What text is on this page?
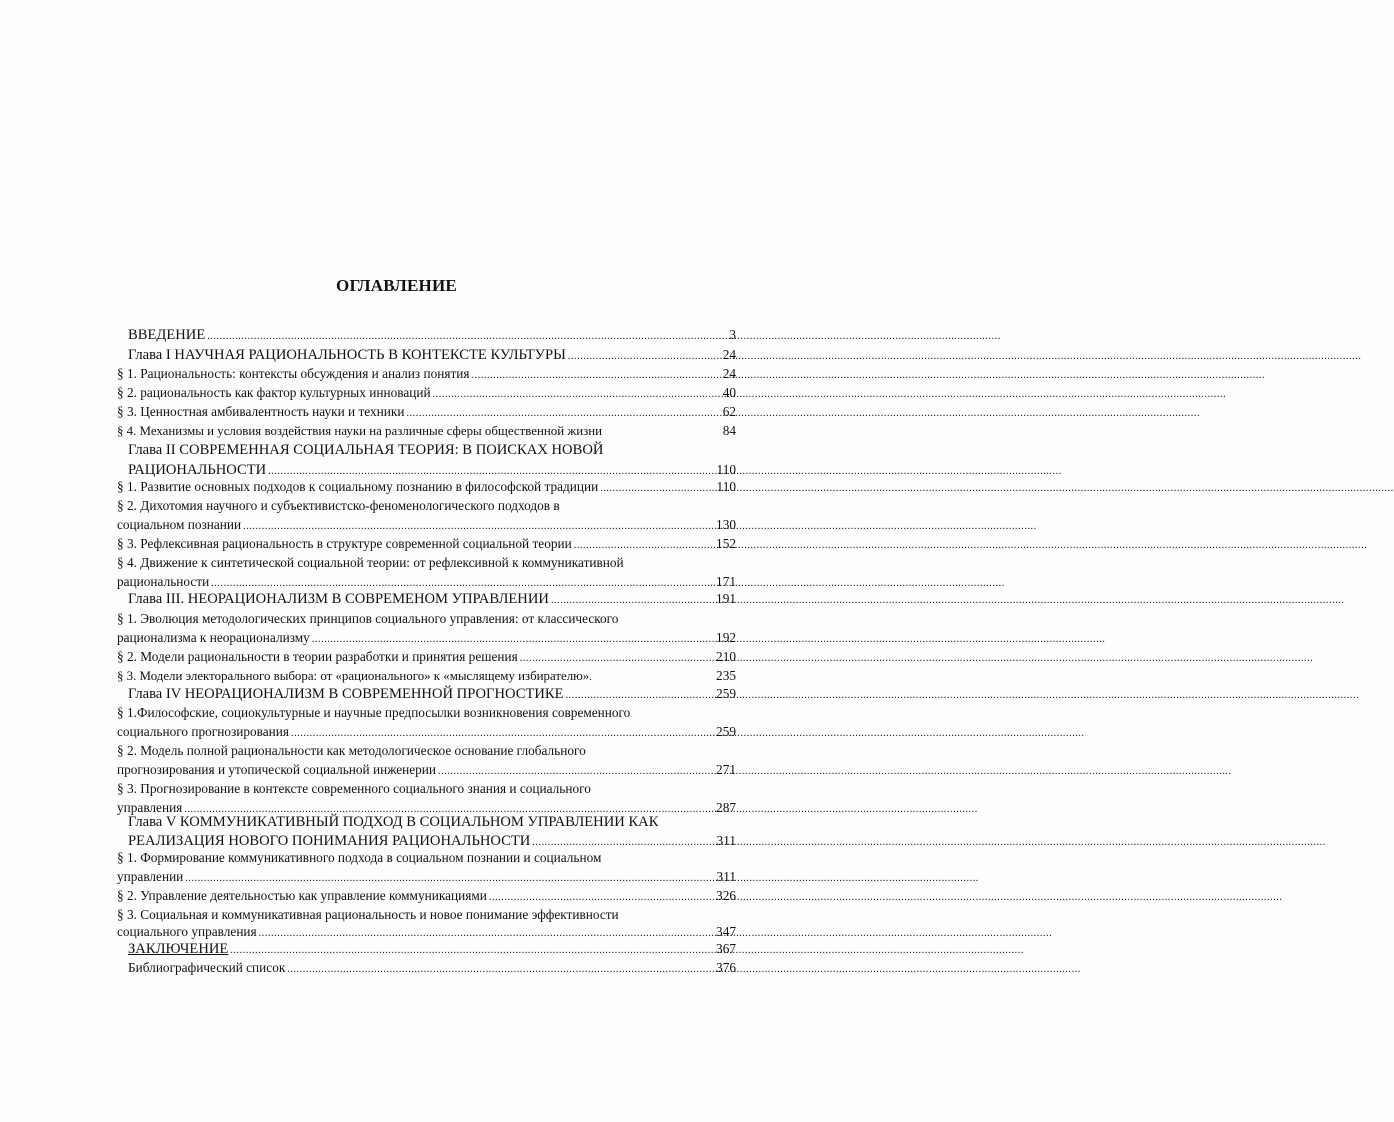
ОГЛАВЛЕНИЕ
ВВЕДЕНИЕ .....	3
Глава I НАУЧНАЯ РАЦИОНАЛЬНОСТЬ В КОНТЕКСТЕ КУЛЬТУРЫ .....	24
§ 1. Рациональность: контексты обсуждения и анализ понятия .....	24
§ 2. рациональность как фактор культурных инноваций .....	40
§ 3. Ценностная амбивалентность науки и техники .....	62
§ 4. Механизмы и условия воздействия науки на различные сферы общественной жизни	84
Глава II СОВРЕМЕННАЯ СОЦИАЛЬНАЯ ТЕОРИЯ: В ПОИСКАХ НОВОЙ
РАЦИОНАЛЬНОСТИ .....	110
§ 1. Развитие основных подходов к социальному познанию в философской традиции .....	110
§ 2. Дихотомия научного и субъективистско-феноменологического подходов в
социальном познании .....	130
§ 3. Рефлексивная рациональность в структуре современной социальной теории .....	152
§ 4. Движение к синтетической социальной теории: от рефлексивной к коммуникативной
рациональности .....	171
Глава III. НЕОРАЦИОНАЛИЗМ В СОВРЕМЕНОМ УПРАВЛЕНИИ .....	191
§ 1. Эволюция методологических принципов социального управления: от классического
рационализма к неорационализму .....	192
§ 2. Модели рациональности в теории разработки и принятия решения .....	210
§ 3. Модели электорального выбора: от «рационального» к «мыслящему избирателю» .	235
Глава IV НЕОРАЦИОНАЛИЗМ В СОВРЕМЕННОЙ ПРОГНОСТИКЕ .....	259
§ 1.Философские, социокультурные и научные предпосылки возникновения современного
социального прогнозирования .....	259
§ 2. Модель полной рациональности как методологическое основание глобального
прогнозирования и утопической социальной инженерии .....	271
§ 3. Прогнозирование в контексте современного социального знания и социального
управления .....	287
Глава V КОММУНИКАТИВНЫЙ ПОДХОД В СОЦИАЛЬНОМ УПРАВЛЕНИИ КАК
РЕАЛИЗАЦИЯ НОВОГО ПОНИМАНИЯ РАЦИОНАЛЬНОСТИ .....	311
§ 1. Формирование коммуникативного подхода в социальном познании и социальном
управлении .....	311
§ 2. Управление деятельностью как управление коммуникациями .....	326
§ 3. Социальная и коммуникативная рациональность и новое понимание эффективности
социального управления .....	347
ЗАКЛЮЧЕНИЕ .....	367
Библиографический список .....	376
